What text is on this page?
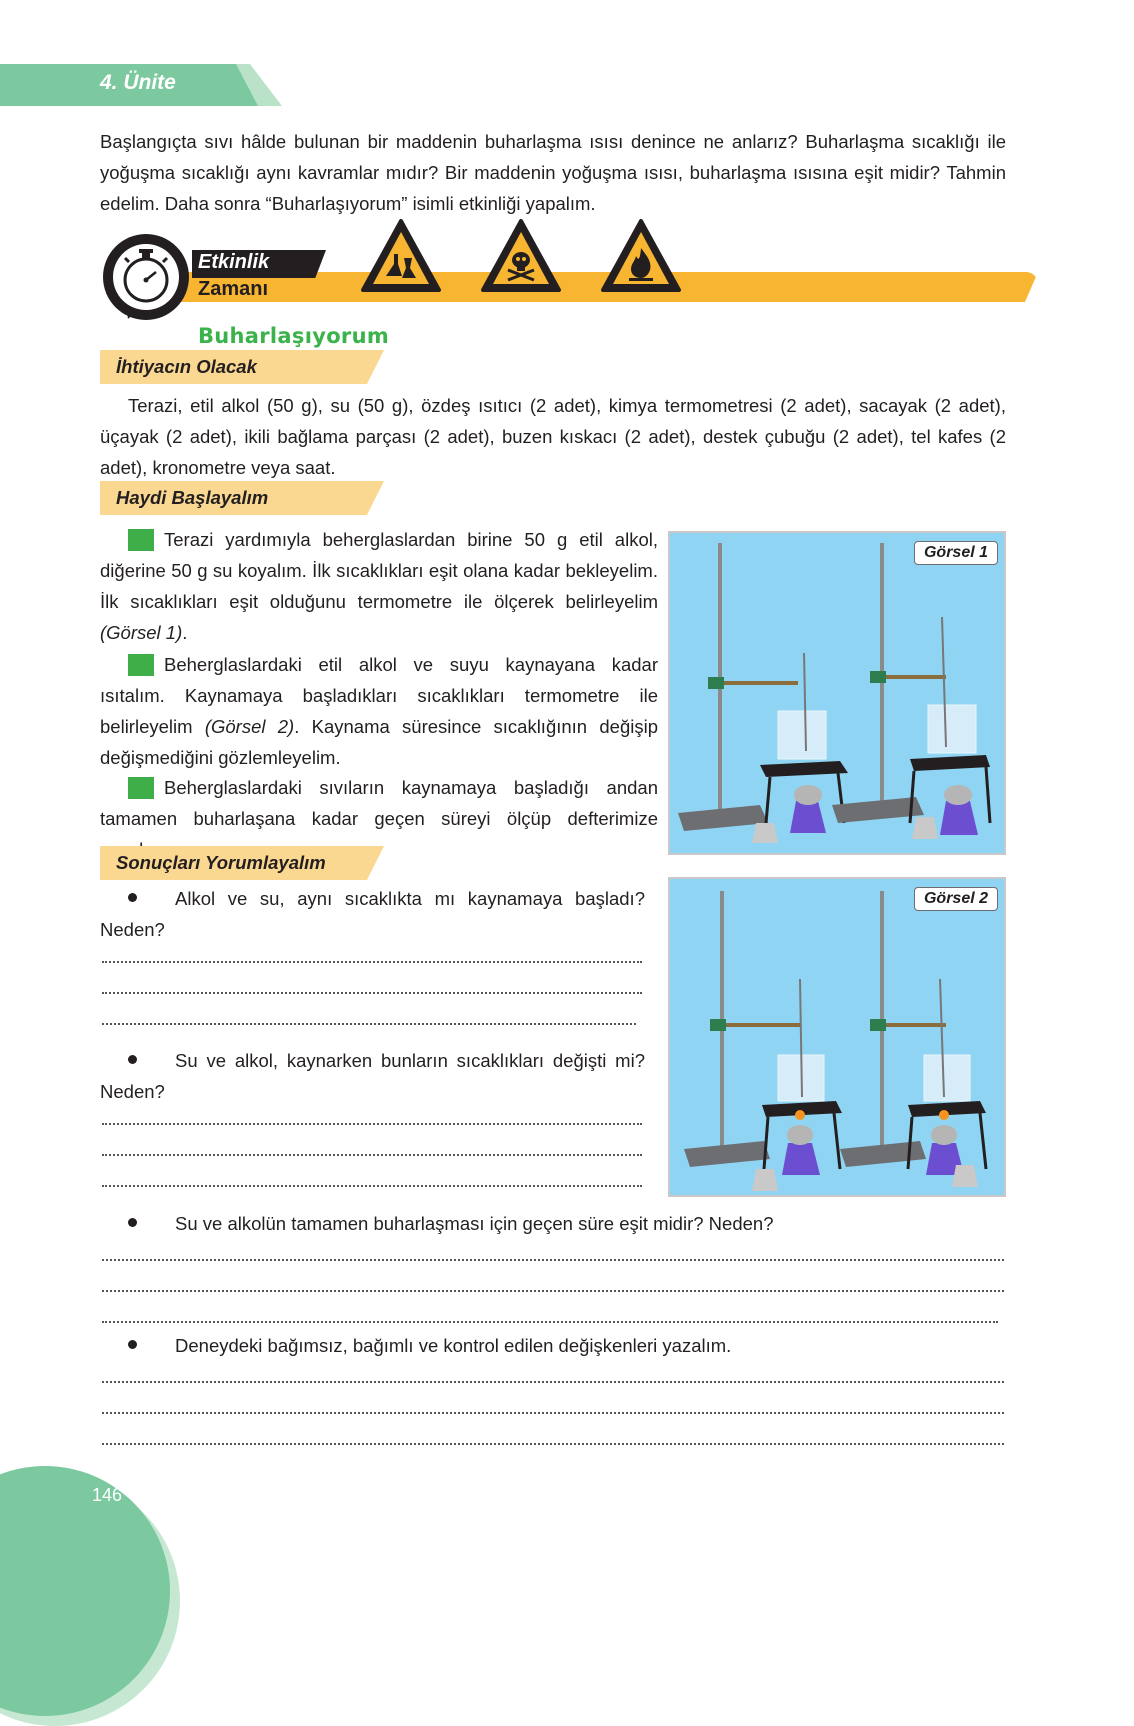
4. Ünite

Başlangıçta sıvı hâlde bulunan bir maddenin buharlaşma ısısı denince ne anlarız? Buharlaşma sıcaklığı ile yoğuşma sıcaklığı aynı kavramlar mıdır? Bir maddenin yoğuşma ısısı, buharlaşma ısısına eşit midir? Tahmin edelim. Daha sonra “Buharlaşıyorum” isimli etkinliği yapalım.

Etkinlik
Zamanı
Buharlaşıyorum
İhtiyacın Olacak

Terazi, etil alkol (50 g), su (50 g), özdeş ısıtıcı (2 adet), kimya termometresi (2 adet), sacayak (2 adet), üçayak (2 adet), ikili bağlama parçası (2 adet), buzen kıskacı (2 adet), destek çubuğu (2 adet), tel kafes (2 adet), kronometre veya saat.

Haydi Başlayalım

1Terazi yardımıyla beherglaslardan birine 50 g etil alkol, diğerine 50 g su koyalım. İlk sıcaklıkları eşit olana kadar bekleyelim. İlk sıcaklıkları eşit olduğunu termometre ile ölçerek belirleyelim (Görsel 1).

2Beherglaslardaki etil alkol ve suyu kaynayana kadar ısıtalım. Kaynamaya başladıkları sıcaklıkları termometre ile belirleyelim (Görsel 2). Kaynama süresince sıcaklığının değişip değişmediğini gözlemleyelim.

3Beherglaslardaki sıvıların kaynamaya başladığı andan tamamen buharlaşana kadar geçen süreyi ölçüp defterimize

Görsel 1
Görsel 2
Sonuçları Yorumlayalım

Alkol ve su, aynı sıcaklıkta mı kaynamaya başladı? Neden?

Su ve alkol, kaynarken bunların sıcaklıkları değişti mi? Neden?

Su ve alkolün tamamen buharlaşması için geçen süre eşit midir? Neden?

Deneydeki bağımsız, bağımlı ve kontrol edilen değişkenleri yazalım.

146
